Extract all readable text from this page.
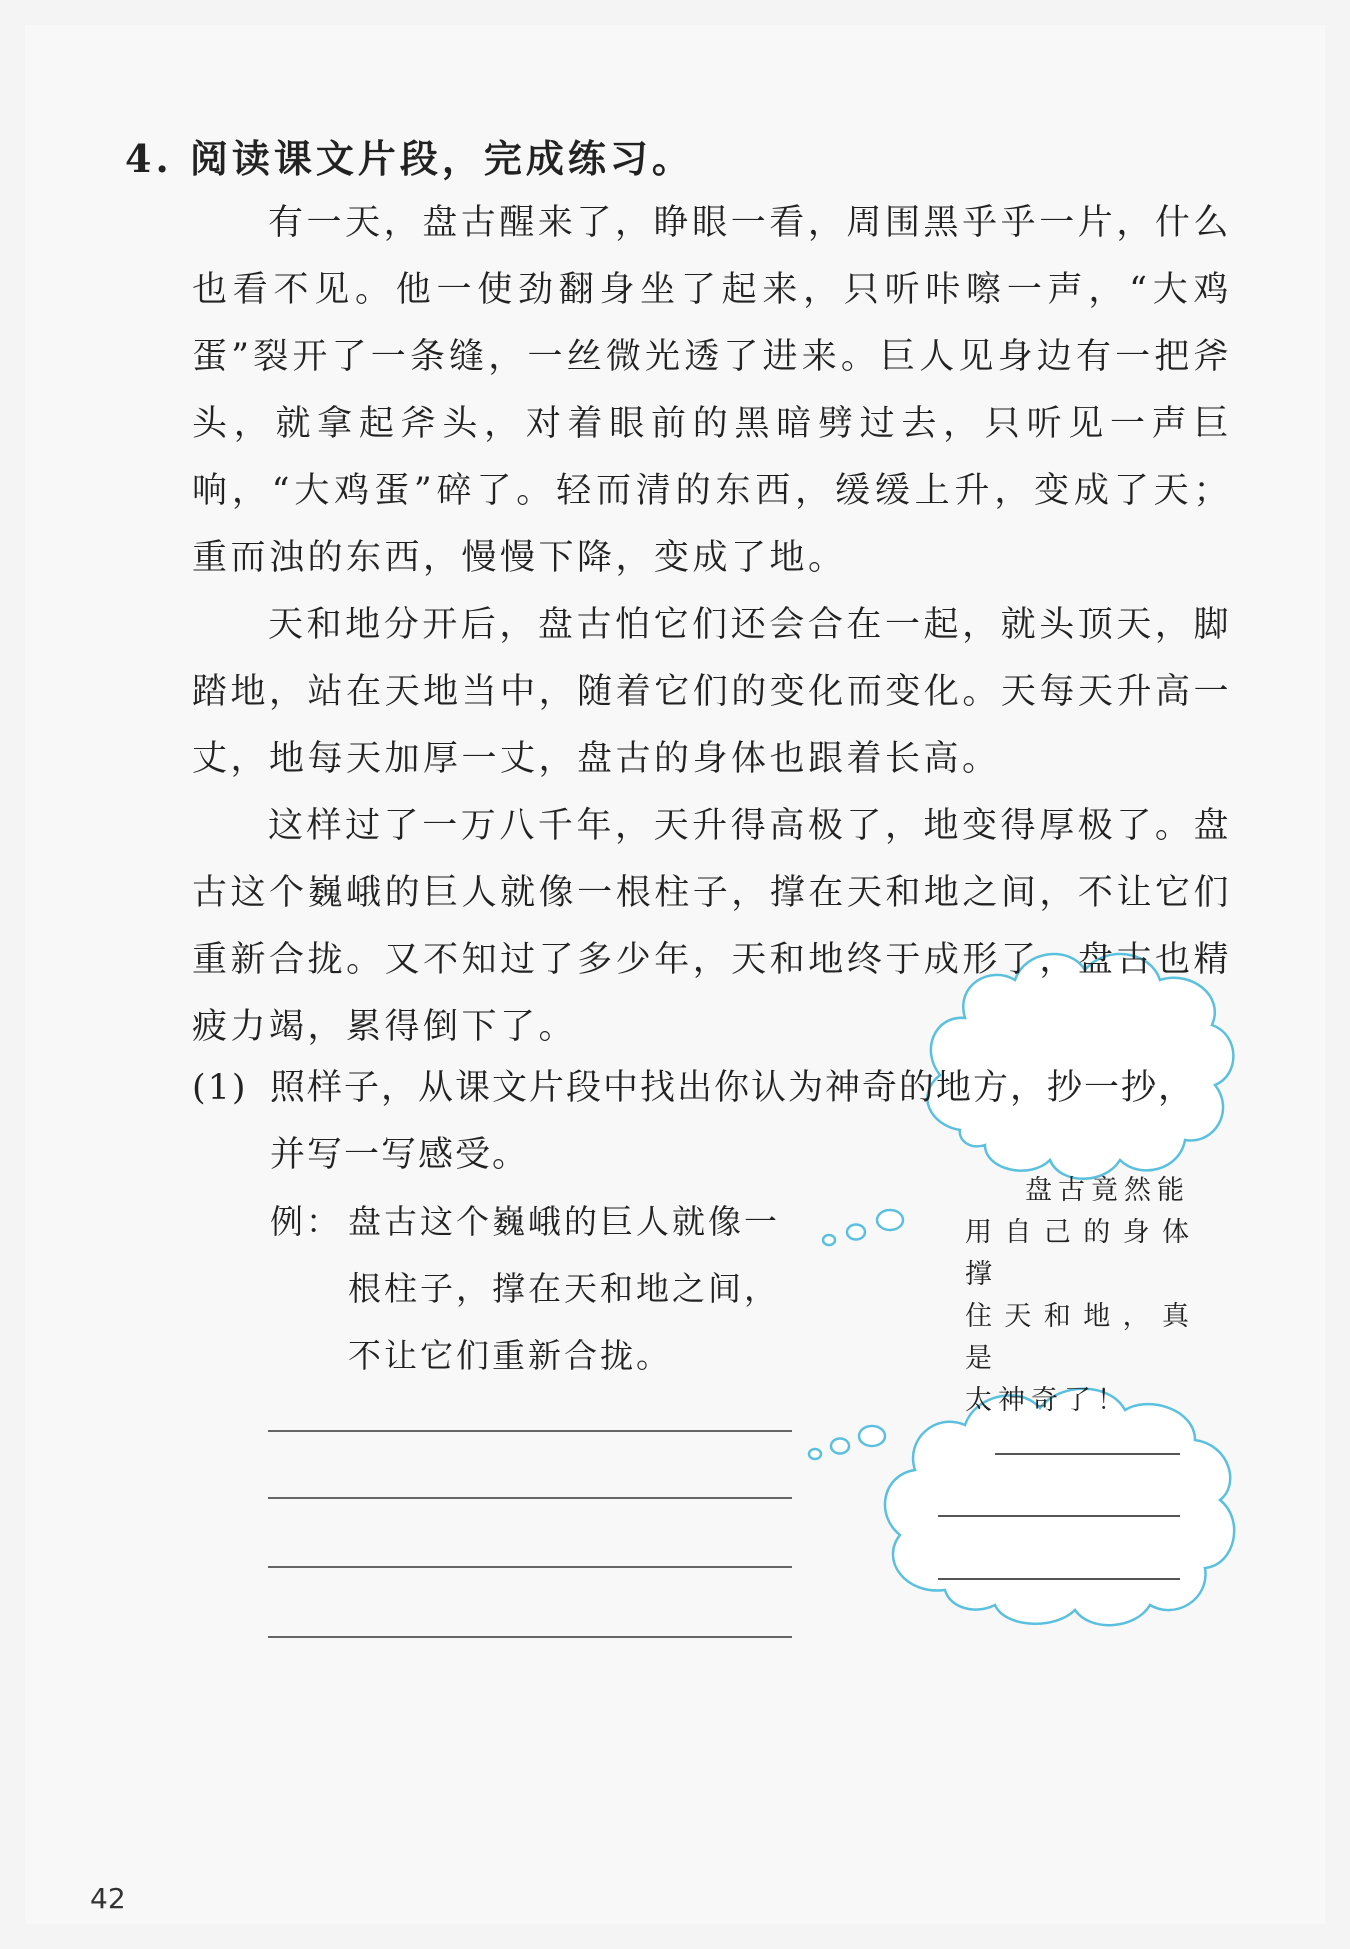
4. 阅读课文片段，完成练习。

有一天，盘古醒来了，睁眼一看，周围黑乎乎一片，什么也看不见。他一使劲翻身坐了起来，只听咔嚓一声，“大鸡蛋”裂开了一条缝，一丝微光透了进来。巨人见身边有一把斧头，就拿起斧头，对着眼前的黑暗劈过去，只听见一声巨响，“大鸡蛋”碎了。轻而清的东西，缓缓上升，变成了天；重而浊的东西，慢慢下降，变成了地。

天和地分开后，盘古怕它们还会合在一起，就头顶天，脚踏地，站在天地当中，随着它们的变化而变化。天每天升高一丈，地每天加厚一丈，盘古的身体也跟着长高。

这样过了一万八千年，天升得高极了，地变得厚极了。盘古这个巍峨的巨人就像一根柱子，撑在天和地之间，不让它们重新合拢。又不知过了多少年，天和地终于成形了，盘古也精疲力竭，累得倒下了。

(1) 照样子，从课文片段中找出你认为神奇的地方，抄一抄，
并写一写感受。
例： 盘古这个巍峨的巨人就像一
根柱子，撑在天和地之间，
不让它们重新合拢。
盘古竟然能
用自己的身体撑
住天和地，真是
太神奇了！
42
